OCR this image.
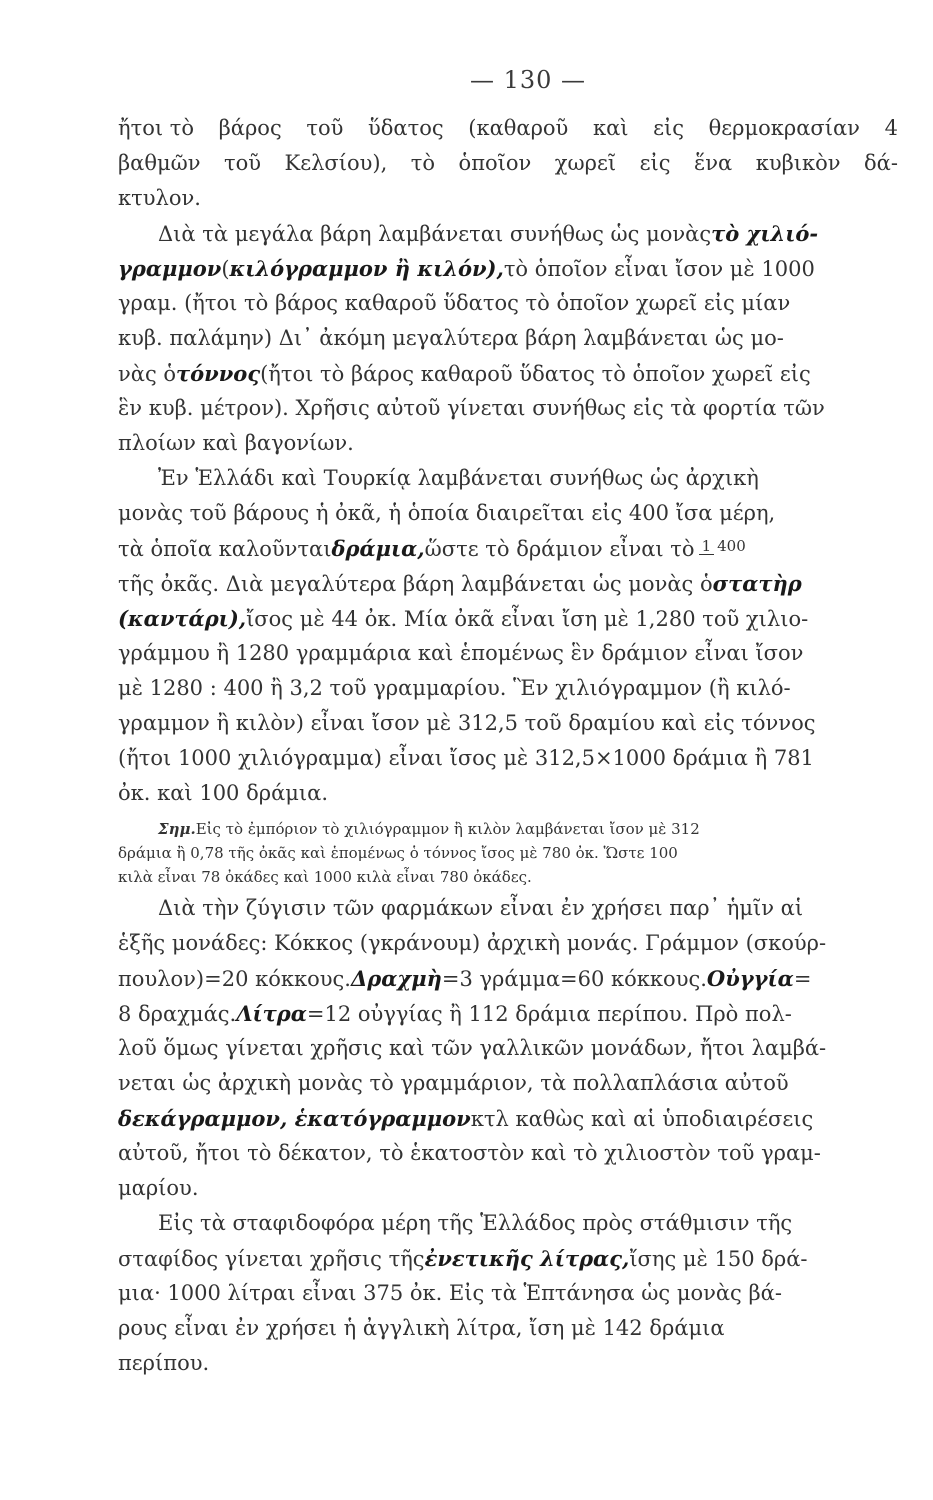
— 130 —
ἤτοι τὸ βάρος τοῦ ὕδατος (καθαροῦ καὶ εἰς θερμοκρασίαν 4
βαθμῶν τοῦ Κελσίου), τὸ ὁποῖον χωρεῖ εἰς ἕνα κυβικὸν δά-
κτυλον.
Διὰ τὰ μεγάλα βάρη λαμβάνεται συνήθως ὡς μονὰςτὸ χιλιό-
γραμμον(κιλόγραμμον ἢ κιλόν),τὸ ὁποῖον εἶναι ἴσον μὲ 1000
γραμ. (ἤτοι τὸ βάρος καθαροῦ ὕδατος τὸ ὁποῖον χωρεῖ εἰς μίαν
κυβ. παλάμην) Δι᾽ ἀκόμη μεγαλύτερα βάρη λαμβάνεται ὡς μο-
νὰς ὁτόννος(ἤτοι τὸ βάρος καθαροῦ ὕδατος τὸ ὁποῖον χωρεῖ εἰς
ἓν κυβ. μέτρον). Χρῆσις αὐτοῦ γίνεται συνήθως εἰς τὰ φορτία τῶν
πλοίων καὶ βαγονίων.
Ἐν Ἑλλάδι καὶ Τουρκίᾳ λαμβάνεται συνήθως ὡς ἀρχικὴ
μονὰς τοῦ βάρους ἡ ὀκᾶ, ἡ ὁποία διαιρεῖται εἰς 400 ἴσα μέρη,
τὰ ὁποῖα καλοῦνταιδράμια,ὥστε τὸ δράμιον εἶναι τὸ 1 400
τῆς ὀκᾶς. Διὰ μεγαλύτερα βάρη λαμβάνεται ὡς μονὰς ὁστατὴρ
(καντάρι),ἴσος μὲ 44 ὀκ. Μία ὀκᾶ εἶναι ἴση μὲ 1,280 τοῦ χιλιο-
γράμμου ἢ 1280 γραμμάρια καὶ ἑπομένως ἓν δράμιον εἶναι ἴσον
μὲ 1280 : 400 ἢ 3,2 τοῦ γραμμαρίου. Ἓν χιλιόγραμμον (ἢ κιλό-
γραμμον ἢ κιλὸν) εἶναι ἴσον μὲ 312,5 τοῦ δραμίου καὶ εἰς τόννος
(ἤτοι 1000 χιλιόγραμμα) εἶναι ἴσος μὲ 312,5×1000 δράμια ἢ 781
ὀκ. καὶ 100 δράμια.
Σημ.Εἰς τὸ ἐμπόριον τὸ χιλιόγραμμον ἢ κιλὸν λαμβάνεται ἴσον μὲ 312
δράμια ἢ 0,78 τῆς ὀκᾶς καὶ ἑπομένως ὁ τόννος ἴσος μὲ 780 ὀκ. Ὥστε 100
κιλὰ εἶναι 78 ὀκάδες καὶ 1000 κιλὰ εἶναι 780 ὀκάδες.
Διὰ τὴν ζύγισιν τῶν φαρμάκων εἶναι ἐν χρήσει παρ᾽ ἡμῖν αἱ
ἑξῆς μονάδες: Κόκκος (γκράνουμ) ἀρχικὴ μονάς. Γράμμον (σκούρ-
πουλον)=20 κόκκους.Δραχμὴ=3 γράμμα=60 κόκκους.Οὐγγία=
8 δραχμάς.Λίτρα=12 οὐγγίας ἢ 112 δράμια περίπου. Πρὸ πολ-
λοῦ ὅμως γίνεται χρῆσις καὶ τῶν γαλλικῶν μονάδων, ἤτοι λαμβά-
νεται ὡς ἀρχικὴ μονὰς τὸ γραμμάριον, τὰ πολλαπλάσια αὐτοῦ
δεκάγραμμον, ἑκατόγραμμονκτλ καθὼς καὶ αἱ ὑποδιαιρέσεις
αὐτοῦ, ἤτοι τὸ δέκατον, τὸ ἑκατοστὸν καὶ τὸ χιλιοστὸν τοῦ γραμ-
μαρίου.
Εἰς τὰ σταφιδοφόρα μέρη τῆς Ἑλλάδος πρὸς στάθμισιν τῆς
σταφίδος γίνεται χρῆσις τῆςἐνετικῆς λίτρας,ἴσης μὲ 150 δρά-
μια· 1000 λίτραι εἶναι 375 ὀκ. Εἰς τὰ Ἑπτάνησα ὡς μονὰς βά-
ρους εἶναι ἐν χρήσει ἡ ἀγγλικὴ λίτρα, ἴση μὲ 142 δράμια
περίπου.
